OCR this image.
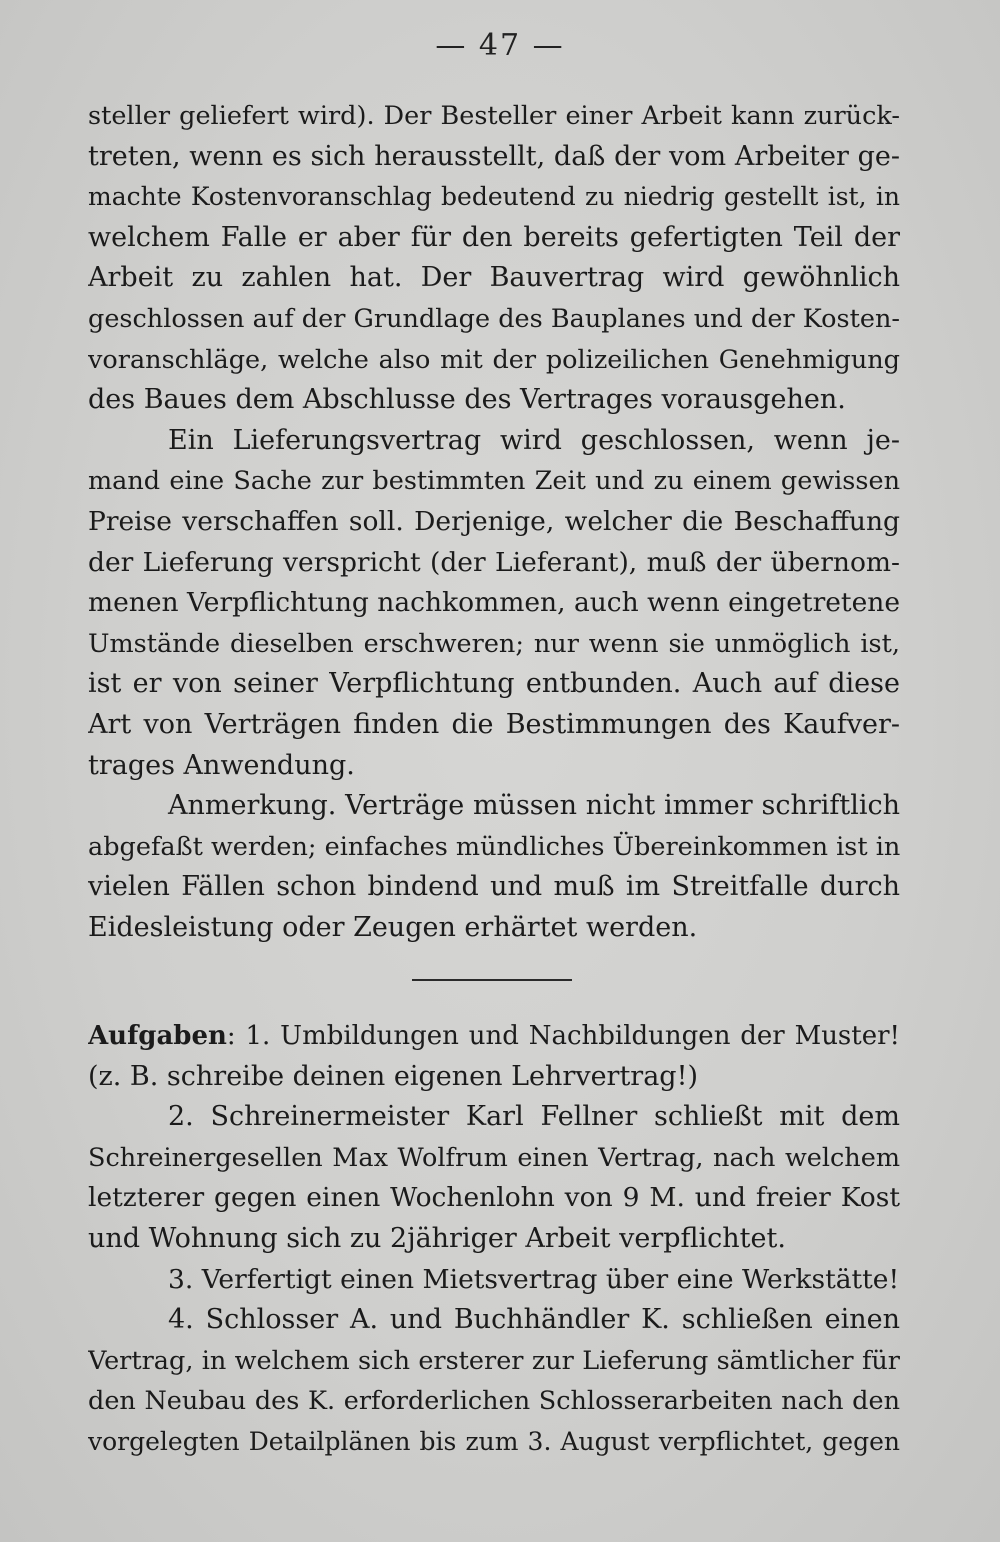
— 47 —
steller geliefert wird). Der Besteller einer Arbeit kann zurück-
treten, wenn es sich herausstellt, daß der vom Arbeiter ge-
machte Kostenvoranschlag bedeutend zu niedrig gestellt ist, in
welchem Falle er aber für den bereits gefertigten Teil der
Arbeit zu zahlen hat. Der Bauvertrag wird gewöhnlich
geschlossen auf der Grundlage des Bauplanes und der Kosten-
voranschläge, welche also mit der polizeilichen Genehmigung
des Baues dem Abschlusse des Vertrages vorausgehen.
Ein Lieferungsvertrag wird geschlossen, wenn je-
mand eine Sache zur bestimmten Zeit und zu einem gewissen
Preise verschaffen soll. Derjenige, welcher die Beschaffung
der Lieferung verspricht (der Lieferant), muß der übernom-
menen Verpflichtung nachkommen, auch wenn eingetretene
Umstände dieselben erschweren; nur wenn sie unmöglich ist,
ist er von seiner Verpflichtung entbunden. Auch auf diese
Art von Verträgen finden die Bestimmungen des Kaufver-
trages Anwendung.
Anmerkung. Verträge müssen nicht immer schriftlich
abgefaßt werden; einfaches mündliches Übereinkommen ist in
vielen Fällen schon bindend und muß im Streitfalle durch
Eidesleistung oder Zeugen erhärtet werden.
Aufgaben: 1. Umbildungen und Nachbildungen der Muster!
(z. B. schreibe deinen eigenen Lehrvertrag!)
2. Schreinermeister Karl Fellner schließt mit dem
Schreinergesellen Max Wolfrum einen Vertrag, nach welchem
letzterer gegen einen Wochenlohn von 9 M. und freier Kost
und Wohnung sich zu 2jähriger Arbeit verpflichtet.
3. Verfertigt einen Mietsvertrag über eine Werkstätte!
4. Schlosser A. und Buchhändler K. schließen einen
Vertrag, in welchem sich ersterer zur Lieferung sämtlicher für
den Neubau des K. erforderlichen Schlosserarbeiten nach den
vorgelegten Detailplänen bis zum 3. August verpflichtet, gegen
